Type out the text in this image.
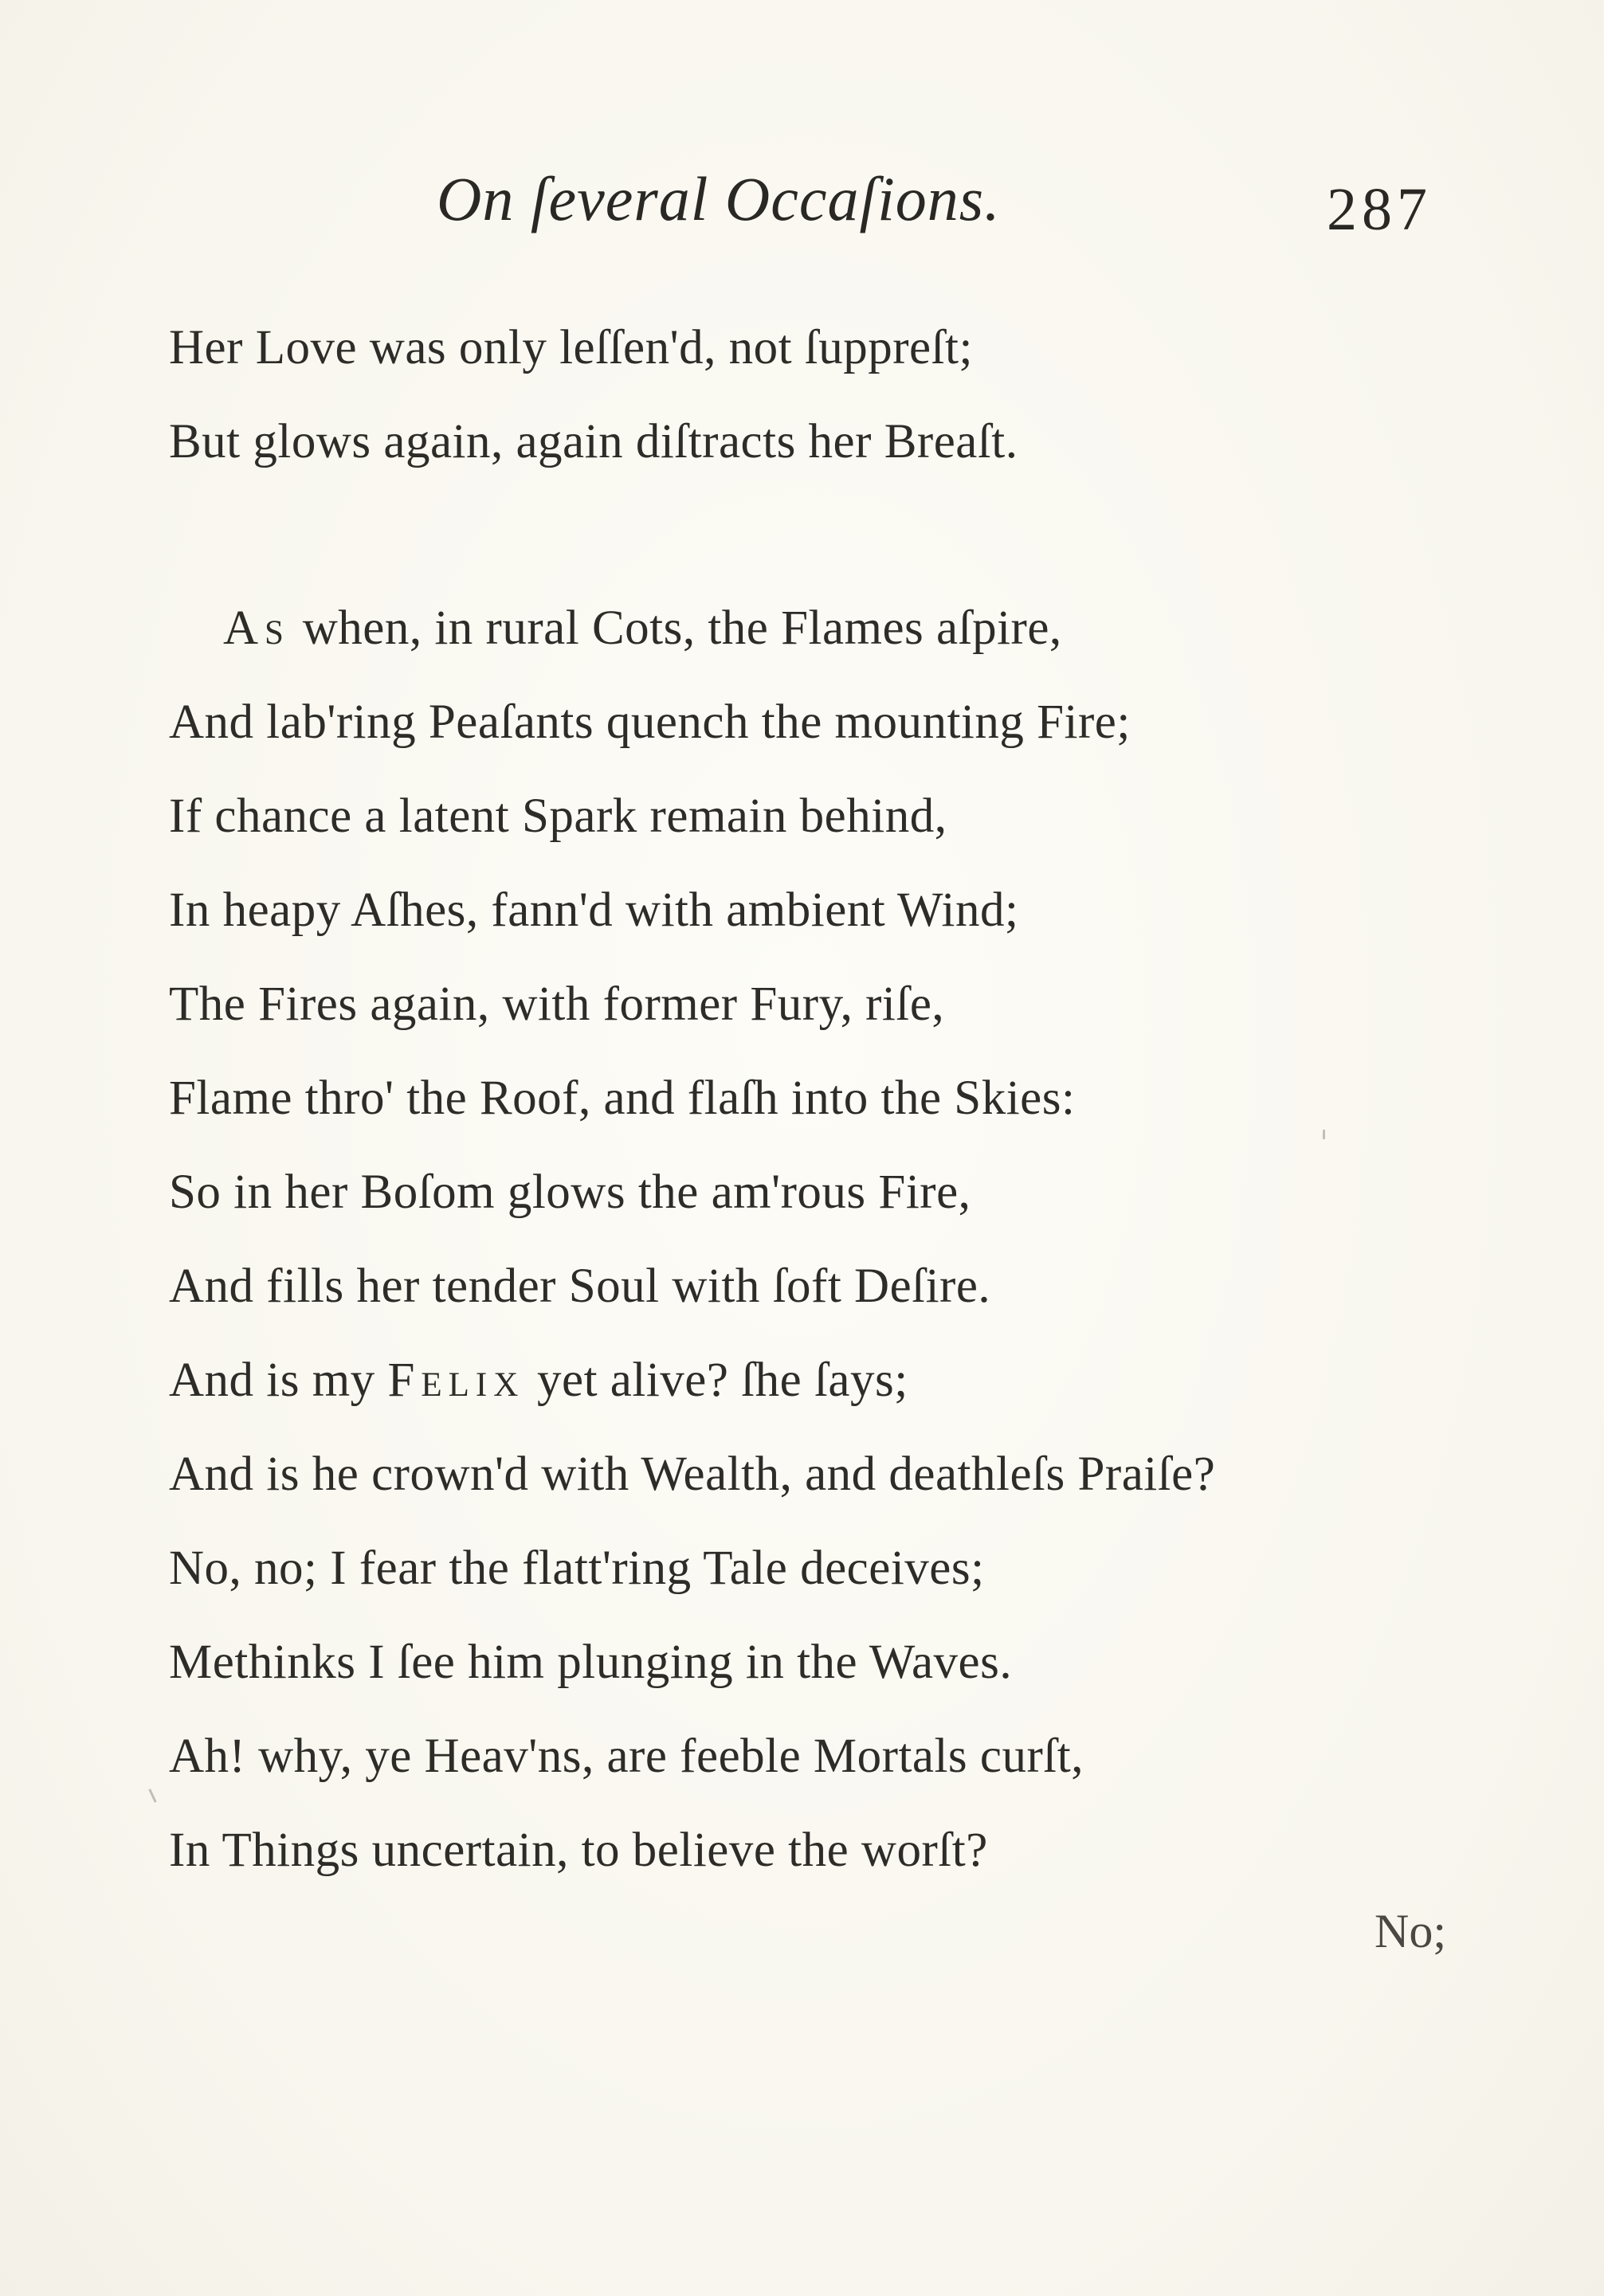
On ſeveral Occaſions.	287
Her Love was only leſſen'd, not ſuppreſt;
But glows again, again diſtracts her Breaſt.
As when, in rural Cots, the Flames aſpire,
And lab'ring Peaſants quench the mounting Fire;
If chance a latent Spark remain behind,
In heapy Aſhes, fann'd with ambient Wind;
The Fires again, with former Fury, riſe,
Flame thro' the Roof, and flaſh into the Skies:
So in her Boſom glows the am'rous Fire,
And fills her tender Soul with ſoft Deſire.
And is my Felix yet alive? ſhe ſays;
And is he crown'd with Wealth, and deathleſs Praiſe?
No, no; I fear the flatt'ring Tale deceives;
Methinks I ſee him plunging in the Waves.
Ah! why, ye Heav'ns, are feeble Mortals curſt,
In Things uncertain, to believe the worſt?
No;
